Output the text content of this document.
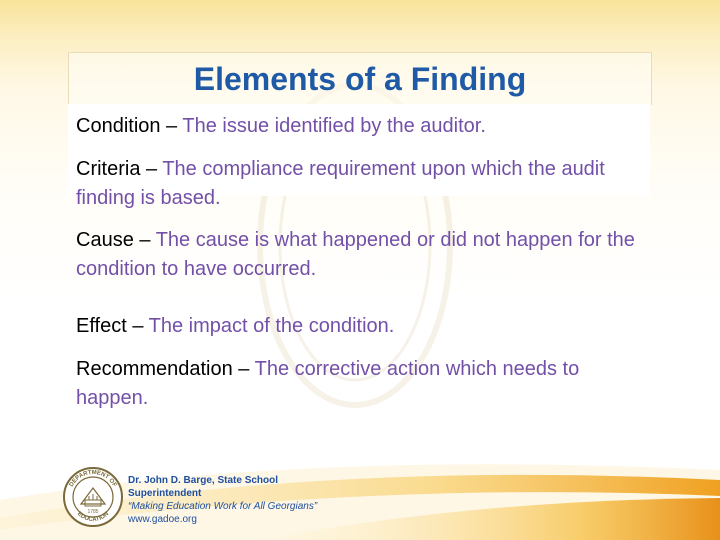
Elements of a Finding
Condition – The issue identified by the auditor.
Criteria – The compliance requirement upon which the audit finding is based.
Cause – The cause is what happened or did not happen for the condition to have occurred.
Effect – The impact of the condition.
Recommendation – The corrective action which needs to happen.
DEPARTMENT OF
EDUCATION
1785
Dr. John D. Barge, State School
Superintendent
“Making Education Work for All Georgians”
www.gadoe.org
